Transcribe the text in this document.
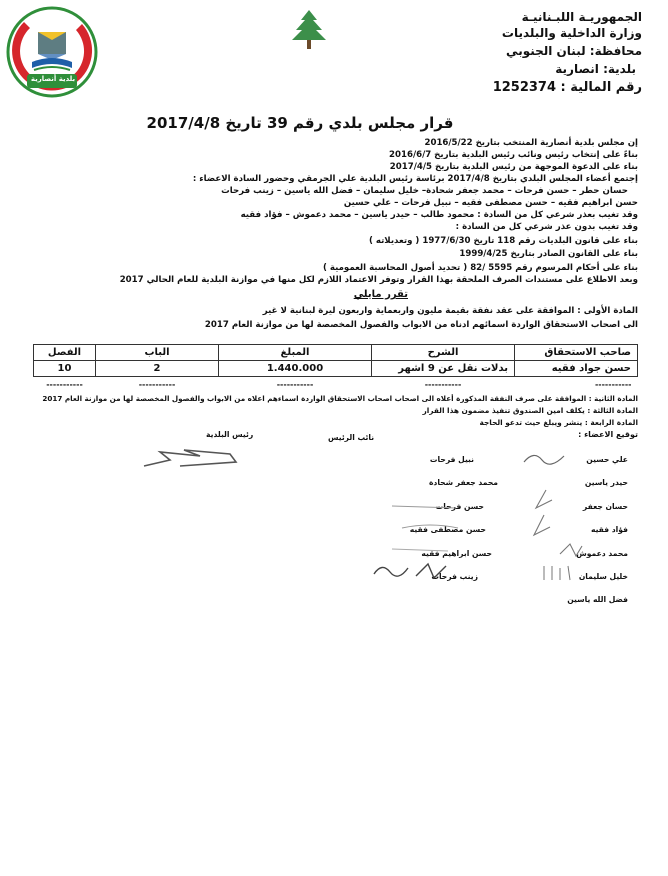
بلدية أنصارية
الجمهوريـة اللبـنانيـة
وزارة الداخلية والبلديات
محافظة: لبنان الجنوبي
بلدية: انصارية
رقم المالية : 1252374
قرار مجلس بلدي رقم 39 تاريخ 2017/4/8
إن مجلس بلدية أنصارية المنتخب بتاريخ 2016/5/22
بناءً على إنتخاب رئيس ونائب رئيس البلدية بتاريخ 2016/6/7
بناء على الدعوة الموجهة من رئيس البلدية بتاريخ 2017/4/5
إجتمع أعضاء المجلس البلدي بتاريخ 2017/4/8 برئاسة رئيس البلدية علي الجرمقي وحضور السادة الاعضاء :
حسان حطر – حسن فرحات – محمد جعفر شحادة– خليل سليمان – فضل الله ياسين – زينب فرحات
حسن ابراهيم فقيه – حسن مصطفى فقيه – نبيل فرحات – علي حسين
وقد تغيب بعذر شرعي كل من السادة : محمود طالب – حيدر ياسين – محمد دعموش – فؤاد فقيه
وقد تغيب بدون عذر شرعي كل من السادة :
بناء على قانون البلديات رقم 118 تاريخ 1977/6/30 ( وتعديلاته )
بناء على القانون الصادر بتاريخ 1999/4/25
بناء على أحكام المرسوم رقم 5595 /82 ( تحديد أصول المحاسبة العمومية )
وبعد الاطلاع على مستندات الصرف الملحقة بهذا القرار وتوفر الاعتماد اللازم لكل منها في موازنة البلدية للعام الحالي 2017
تقرر مايلي
المادة الأولى : الموافقة على عقد نفقة بقيمة مليون واربعماية واربعون ليرة لبنانية لا غير
الى اصحاب الاستحقاق الواردة اسمائهم ادناه من الابواب والفصول المخصصة لها من موازنة العام 2017
صاحب الاستحقاق	الشرح	المبلغ	الباب	الفصل
حسن جواد فقيه	بدلات نقل عن 9 اشهر	1.440.000	2	10
-----------	-----------	-----------	-----------	-----------
المادة الثانية : الموافقة على صرف النفقة المذكورة أعلاه الى اصحاب اصحاب الاستحقاق الواردة اسماءهم اعلاه من الابواب والفصول المخصصة لها من موازنة العام 2017
المادة الثالثة : يكلف امين الصندوق تنفيذ مضمون هذا القرار
المادة الرابعة : ينشر ويبلغ حيث تدعو الحاجة
توقيع الاعضاء :
رئيس البلدية	نائب الرئيس
علي حسين
حيدر ياسين
حسان جعفر
فؤاد فقيه
محمد دعموش
خليل سليمان
فضل الله ياسين
نبيل فرحات
محمد جعفر شحادة
حسن فرحات
حسن مصطفى فقيه
حسن ابراهيم فقيه
زينب فرحات
